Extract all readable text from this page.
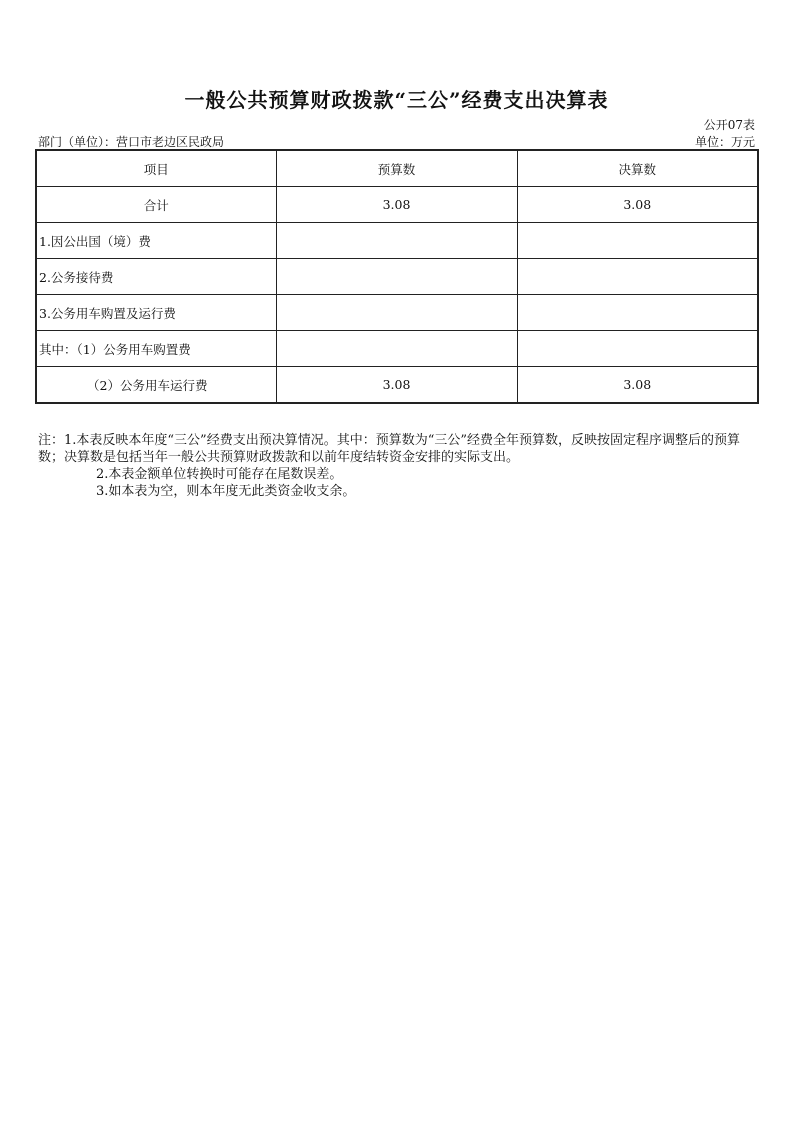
一般公共预算财政拨款“三公”经费支出决算表
公开07表
部门（单位）：营口市老边区民政局	单位：万元
项目	预算数	决算数
合计	3.08	3.08
1.因公出国（境）费		
2.公务接待费		
3.公务用车购置及运行费		
其中：（1）公务用车购置费		
（2）公务用车运行费	3.08	3.08

注：1.本表反映本年度“三公”经费支出预决算情况。其中：预算数为“三公”经费全年预算数，反映按固定程序调整后的预算数；决算数是包括当年一般公共预算财政拨款和以前年度结转资金安排的实际支出。

2.本表金额单位转换时可能存在尾数误差。

3.如本表为空，则本年度无此类资金收支余。
